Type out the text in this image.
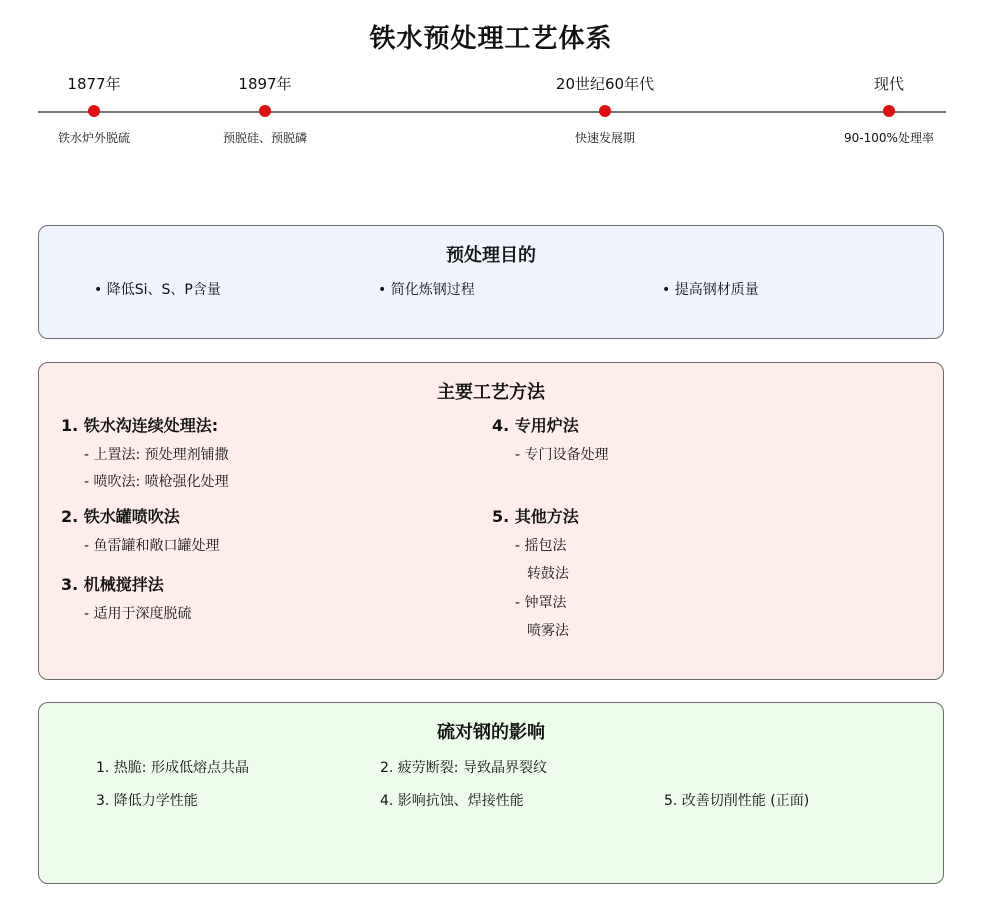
铁水预处理工艺体系
1877年
铁水炉外脱硫
1897年
预脱硅、预脱磷
20世纪60年代
快速发展期
现代
90-100%处理率
预处理目的
• 降低Si、S、P含量	• 简化炼钢过程	• 提高钢材质量
主要工艺方法
1. 铁水沟连续处理法:
- 上置法: 预处理剂铺撒
- 喷吹法: 喷枪强化处理
2. 铁水罐喷吹法
- 鱼雷罐和敞口罐处理
3. 机械搅拌法
- 适用于深度脱硫
4. 专用炉法
- 专门设备处理
5. 其他方法
- 摇包法
转鼓法
- 钟罩法
喷雾法
硫对钢的影响
1. 热脆: 形成低熔点共晶	2. 疲劳断裂: 导致晶界裂纹
3. 降低力学性能	4. 影响抗蚀、焊接性能	5. 改善切削性能 (正面)
